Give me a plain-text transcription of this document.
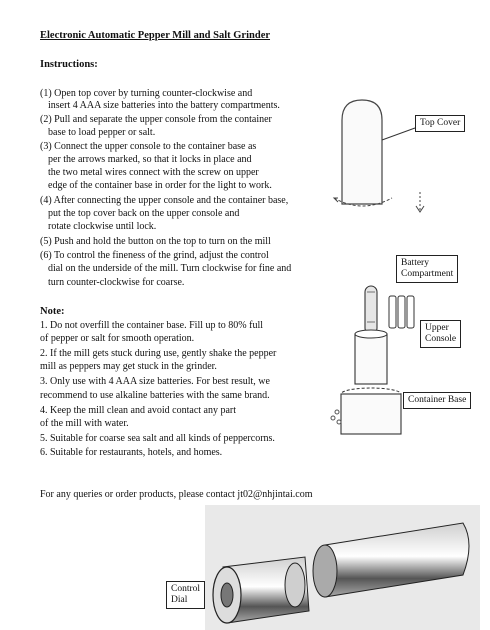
Electronic Automatic Pepper Mill and Salt Grinder
Instructions:
(1) Open top cover by turning counter-clockwise and
insert 4 AAA size batteries into the battery compartments.
(2) Pull and separate the upper console from the container
base to load pepper or salt.
(3) Connect the upper console to the container base as
per the arrows marked, so that it locks in place and
the two metal wires connect with the screw on upper
edge of the container base in order for the light to work.
(4) After connecting the upper console and the container base,
put the top cover back on the upper console and
rotate clockwise until lock.
(5) Push and hold the button on the top to turn on the mill
(6) To control the fineness of the grind, adjust the control
dial on the underside of the mill. Turn clockwise for fine and
turn counter-clockwise for coarse.
Note:
1. Do not overfill the container base. Fill up to 80% full
of pepper or salt for smooth operation.
2. If the mill gets stuck during use, gently shake the pepper
mill as peppers may get stuck in the grinder.
3. Only use with 4 AAA size batteries. For best result, we
recommend to use alkaline batteries with the same brand.
4. Keep the mill clean and avoid contact any part
of the mill with water.
5. Suitable for coarse sea salt and all kinds of peppercorns.
6. Suitable for restaurants, hotels, and homes.
For any queries or order products, please contact jt02@nhjintai.com
Top Cover
Battery
Compartment
Upper
Console
Container Base
Control
Dial
